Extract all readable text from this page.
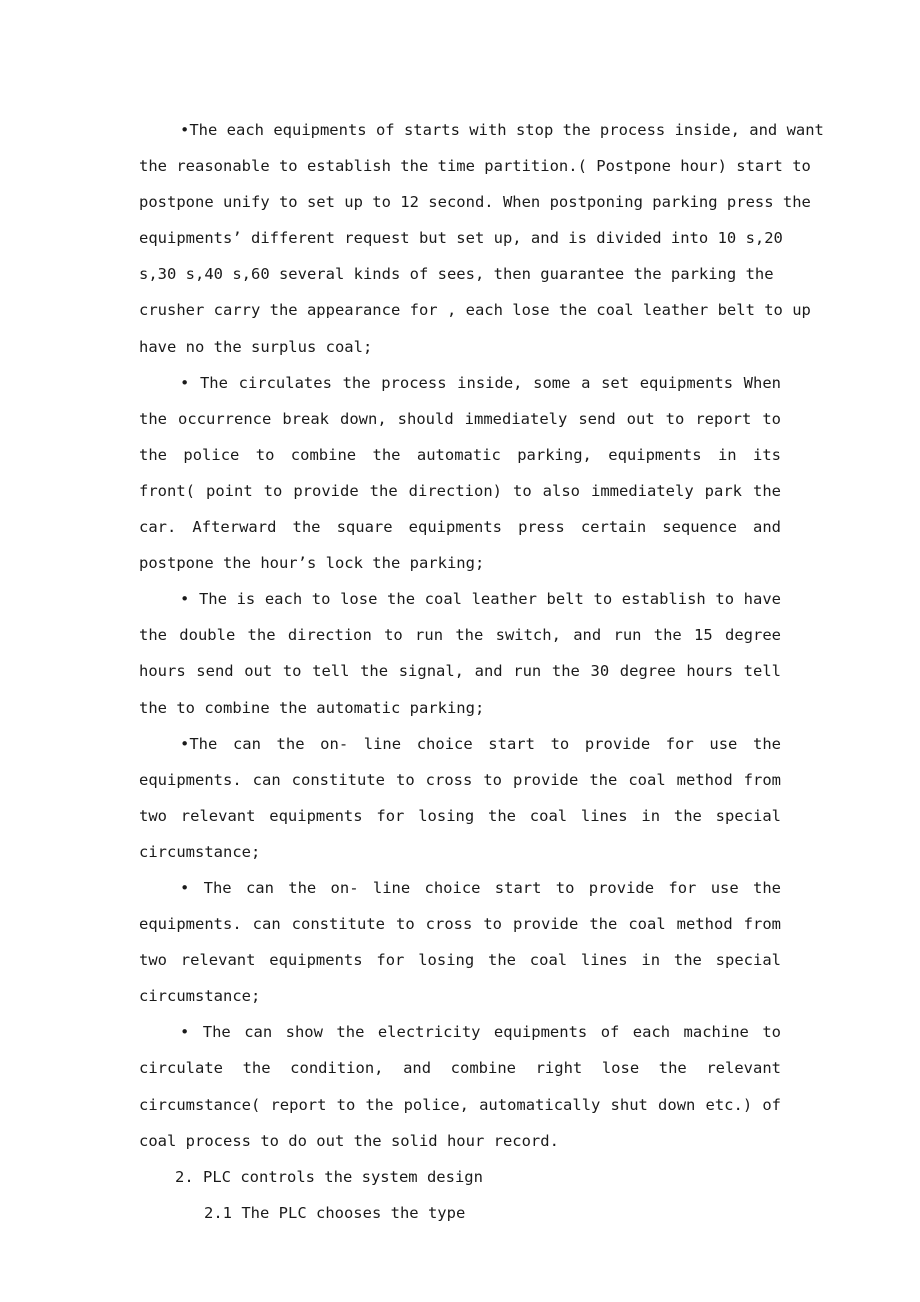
•The each equipments of starts with stop the process inside, and want the reasonable to establish the time partition.( Postpone hour) start to postpone unify to set up to 12 second. When postponing parking press the equipments’ different request but set up, and is divided into 10 s,20 s,30 s,40 s,60 several kinds of sees, then guarantee the parking the crusher carry the appearance for , each lose the coal leather belt to up have no the surplus coal;

• The circulates the process inside, some a set equipments When the occurrence break down, should immediately send out to report to the police to combine the automatic parking, equipments in its front( point to provide the direction) to also immediately park the car. Afterward the square equipments press certain sequence and postpone the hour’s lock the parking;

• The is each to lose the coal leather belt to establish to have the double the direction to run the switch, and run the 15 degree hours send out to tell the signal, and run the 30 degree hours tell the to combine the automatic parking;

•The can the on- line choice start to provide for use the equipments. can constitute to cross to provide the coal method from two relevant equipments for losing the coal lines in the special circumstance;

• The can the on- line choice start to provide for use the equipments. can constitute to cross to provide the coal method from two relevant equipments for losing the coal lines in the special circumstance;

• The can show the electricity equipments of each machine to circulate the condition, and combine right lose the relevant circumstance( report to the police, automatically shut down etc.) of coal process to do out the solid hour record.

2. PLC controls the system design

2.1 The PLC chooses the type
